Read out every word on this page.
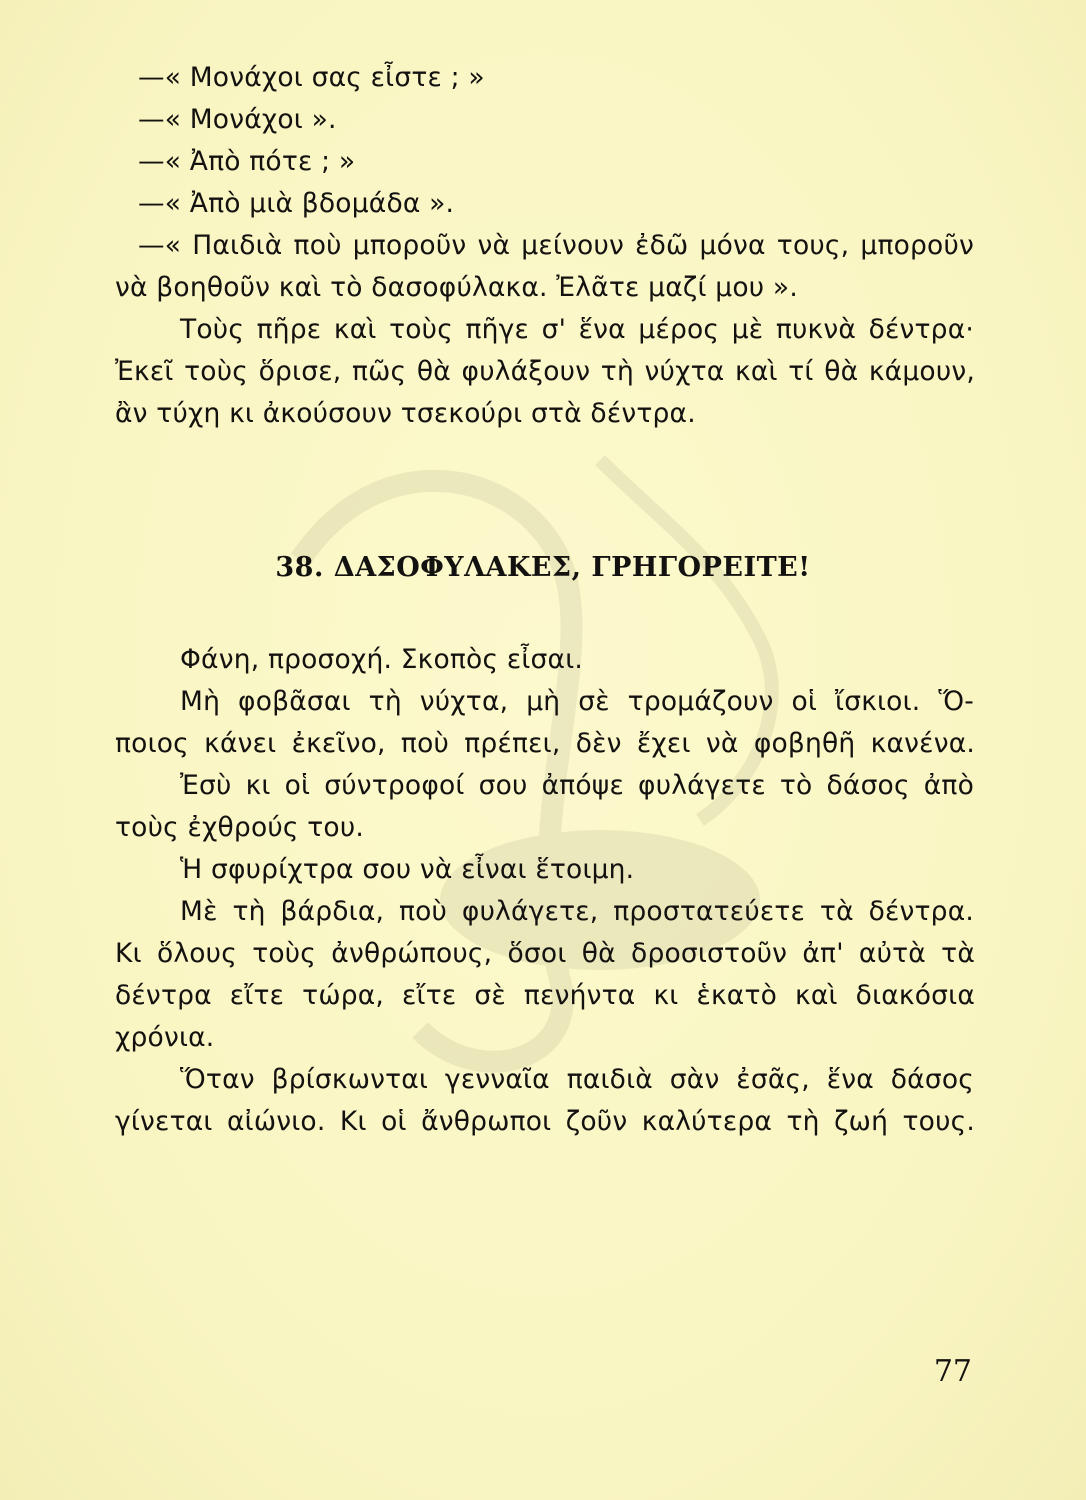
—« Μονάχοι σας εἶστε ; »
—« Μονάχοι ».
—« Ἀπὸ πότε ; »
—« Ἀπὸ μιὰ βδομάδα ».
—« Παιδιὰ ποὺ μποροῦν νὰ μείνουν ἐδῶ μόνα τους, μποροῦν
νὰ βοηθοῦν καὶ τὸ δασοφύλακα. Ἐλᾶτε μαζί μου ».
Τοὺς πῆρε καὶ τοὺς πῆγε σ' ἕνα μέρος μὲ πυκνὰ δέντρα·
Ἐκεῖ τοὺς ὅρισε, πῶς θὰ φυλάξουν τὴ νύχτα καὶ τί θὰ κάμουν,
ἂν τύχη κι ἀκούσουν τσεκούρι στὰ δέντρα.
38. ΔΑΣΟΦΥΛΑΚΕΣ, ΓΡΗΓΟΡΕΙΤΕ!
Φάνη, προσοχή. Σκοπὸς εἶσαι.
Μὴ φοβᾶσαι τὴ νύχτα, μὴ σὲ τρομάζουν οἱ ἴσκιοι. Ὅ-
ποιος κάνει ἐκεῖνο, ποὺ πρέπει, δὲν ἔχει νὰ φοβηθῆ κανένα.
Ἐσὺ κι οἱ σύντροφοί σου ἀπόψε φυλάγετε τὸ δάσος ἀπὸ
τοὺς ἐχθρούς του.
Ἡ σφυρίχτρα σου νὰ εἶναι ἕτοιμη.
Μὲ τὴ βάρδια, ποὺ φυλάγετε, προστατεύετε τὰ δέντρα.
Κι ὅλους τοὺς ἀνθρώπους, ὅσοι θὰ δροσιστοῦν ἀπ' αὐτὰ τὰ
δέντρα εἴτε τώρα, εἴτε σὲ πενήντα κι ἑκατὸ καὶ διακόσια
χρόνια.
Ὅταν βρίσκωνται γενναῖα παιδιὰ σὰν ἐσᾶς, ἕνα δάσος
γίνεται αἰώνιο. Κι οἱ ἄνθρωποι ζοῦν καλύτερα τὴ ζωή τους.
77
